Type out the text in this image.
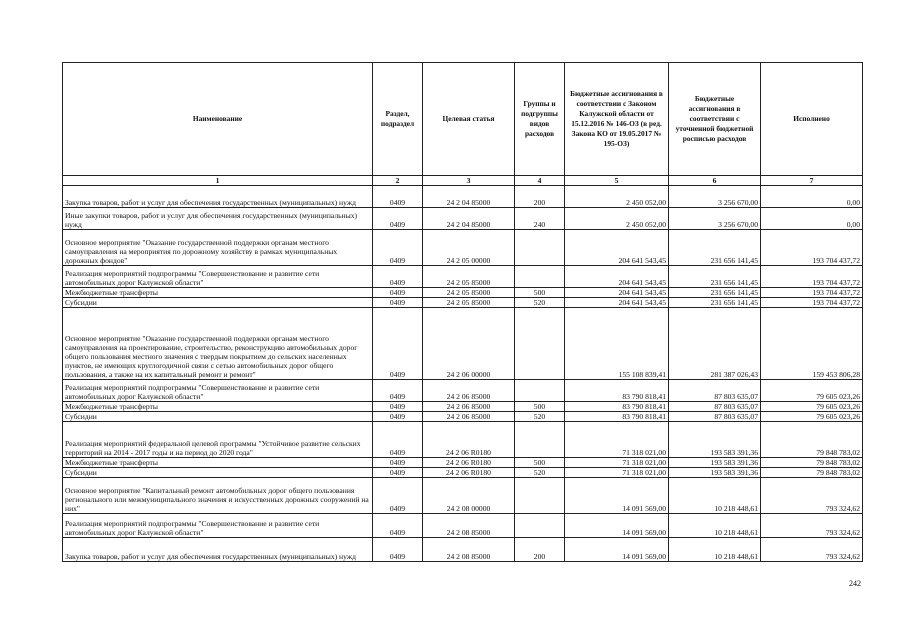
Наименование	Раздел, подраздел	Целевая статья	Группы и подгруппы видов расходов	Бюджетные ассигнования в соответствии с Законом Калужской области от 15.12.2016 № 146-ОЗ (в ред. Закона КО от 19.05.2017 № 195-ОЗ)	Бюджетные ассигнования в соответствии с уточненной бюджетной росписью расходов	Исполнено
1	2	3	4	5	6	7
Закупка товаров, работ и услуг для обеспечения государственных (муниципальных) нужд	0409	24 2 04 85000	200	2 450 052,00	3 256 670,00	0,00
Иные закупки товаров, работ и услуг для обеспечения государственных (муниципальных) нужд	0409	24 2 04 85000	240	2 450 052,00	3 256 670,00	0,00
Основное мероприятие "Оказание государственной поддержки органам местного самоуправления на мероприятия по дорожному хозяйству в рамках муниципальных дорожных фондов"	0409	24 2 05 00000		204 641 543,45	231 656 141,45	193 704 437,72
Реализация мероприятий подпрограммы "Совершенствование и развитие сети автомобильных дорог Калужской области"	0409	24 2 05 85000		204 641 543,45	231 656 141,45	193 704 437,72
Межбюджетные трансферты	0409	24 2 05 85000	500	204 641 543,45	231 656 141,45	193 704 437,72
Субсидии	0409	24 2 05 85000	520	204 641 543,45	231 656 141,45	193 704 437,72
Основное мероприятие "Оказание государственной поддержки органам местного самоуправления на проектирование, строительство, реконструкцию автомобильных дорог общего пользования местного значения с твердым покрытием до сельских населенных пунктов, не имеющих круглогодичной связи с сетью автомобильных дорог общего пользования, а также на их капитальный ремонт и ремонт"	0409	24 2 06 00000		155 108 839,41	281 387 026,43	159 453 806,28
Реализация мероприятий подпрограммы "Совершенствование и развитие сети автомобильных дорог Калужской области"	0409	24 2 06 85000		83 790 818,41	87 803 635,07	79 605 023,26
Межбюджетные трансферты	0409	24 2 06 85000	500	83 790 818,41	87 803 635,07	79 605 023,26
Субсидии	0409	24 2 06 85000	520	83 790 818,41	87 803 635,07	79 605 023,26
Реализация мероприятий федеральной целевой программы "Устойчивое развитие сельских территорий на 2014 - 2017 годы и на период до 2020 года"	0409	24 2 06 R0180		71 318 021,00	193 583 391,36	79 848 783,02
Межбюджетные трансферты	0409	24 2 06 R0180	500	71 318 021,00	193 583 391,36	79 848 783,02
Субсидии	0409	24 2 06 R0180	520	71 318 021,00	193 583 391,36	79 848 783,02
Основное мероприятие "Капитальный ремонт автомобильных дорог общего пользования регионального или межмуниципального значения и искусственных дорожных сооружений на них"	0409	24 2 08 00000		14 091 569,00	10 218 448,61	793 324,62
Реализация мероприятий подпрограммы "Совершенствование и развитие сети автомобильных дорог Калужской области"	0409	24 2 08 85000		14 091 569,00	10 218 448,61	793 324,62
Закупка товаров, работ и услуг для обеспечения государственных (муниципальных) нужд	0409	24 2 08 85000	200	14 091 569,00	10 218 448,61	793 324,62
242
